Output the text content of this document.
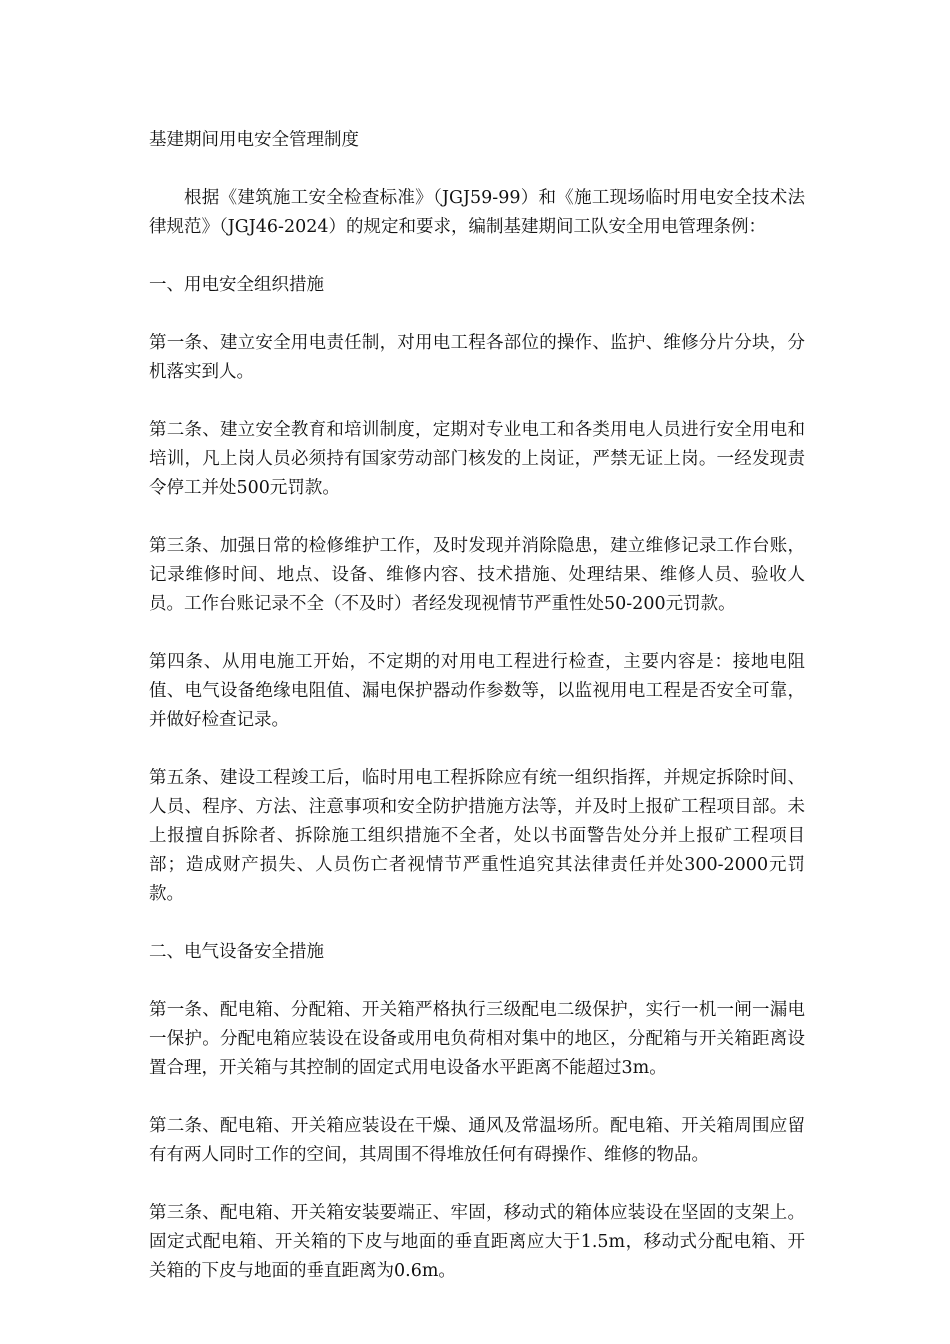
基建期间用电安全管理制度

根据《建筑施工安全检查标准》（JGJ59-99）和《施工现场临时用电安全技术法律规范》（JGJ46-2024）的规定和要求，编制基建期间工队安全用电管理条例：

一、用电安全组织措施

第一条、建立安全用电责任制，对用电工程各部位的操作、监护、维修分片分块，分机落实到人。

第二条、建立安全教育和培训制度，定期对专业电工和各类用电人员进行安全用电和培训，凡上岗人员必须持有国家劳动部门核发的上岗证，严禁无证上岗。一经发现责令停工并处500元罚款。

第三条、加强日常的检修维护工作，及时发现并消除隐患，建立维修记录工作台账，记录维修时间、地点、设备、维修内容、技术措施、处理结果、维修人员、验收人员。工作台账记录不全（不及时）者经发现视情节严重性处50-200元罚款。

第四条、从用电施工开始，不定期的对用电工程进行检查，主要内容是：接地电阻值、电气设备绝缘电阻值、漏电保护器动作参数等，以监视用电工程是否安全可靠，并做好检查记录。

第五条、建设工程竣工后，临时用电工程拆除应有统一组织指挥，并规定拆除时间、人员、程序、方法、注意事项和安全防护措施方法等，并及时上报矿工程项目部。未上报擅自拆除者、拆除施工组织措施不全者，处以书面警告处分并上报矿工程项目部；造成财产损失、人员伤亡者视情节严重性追究其法律责任并处300-2000元罚款。

二、电气设备安全措施

第一条、配电箱、分配箱、开关箱严格执行三级配电二级保护，实行一机一闸一漏电一保护。分配电箱应装设在设备或用电负荷相对集中的地区，分配箱与开关箱距离设置合理，开关箱与其控制的固定式用电设备水平距离不能超过3m。

第二条、配电箱、开关箱应装设在干燥、通风及常温场所。配电箱、开关箱周围应留有有两人同时工作的空间，其周围不得堆放任何有碍操作、维修的物品。

第三条、配电箱、开关箱安装要端正、牢固，移动式的箱体应装设在坚固的支架上。固定式配电箱、开关箱的下皮与地面的垂直距离应大于1.5m，移动式分配电箱、开关箱的下皮与地面的垂直距离为0.6m。
